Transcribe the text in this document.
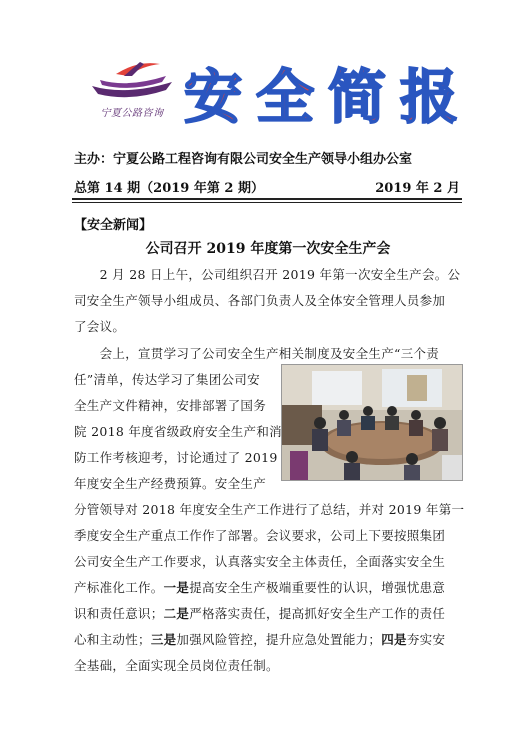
宁夏公路咨询 安全简报
主办：宁夏公路工程咨询有限公司安全生产领导小组办公室
总第 14 期（2019 年第 2 期）	2019 年 2 月
【安全新闻】
公司召开 2019 年度第一次安全生产会
　　2 月 28 日上午，公司组织召开 2019 年第一次安全生产会。公
司安全生产领导小组成员、各部门负责人及全体安全管理人员参加
了会议。
　　会上，宣贯学习了公司安全生产相关制度及安全生产“三个责
任”清单，传达学习了集团公司安
全生产文件精神，安排部署了国务
院 2018 年度省级政府安全生产和消
防工作考核迎考，讨论通过了 2019
年度安全生产经费预算。安全生产
分管领导对 2018 年度安全生产工作进行了总结，并对 2019 年第一
季度安全生产重点工作作了部署。会议要求，公司上下要按照集团
公司安全生产工作要求，认真落实安全主体责任，全面落实安全生
产标准化工作。一是提高安全生产极端重要性的认识，增强忧患意
识和责任意识；二是严格落实责任，提高抓好安全生产工作的责任
心和主动性；三是加强风险管控，提升应急处置能力；四是夯实安
全基础，全面实现全员岗位责任制。
